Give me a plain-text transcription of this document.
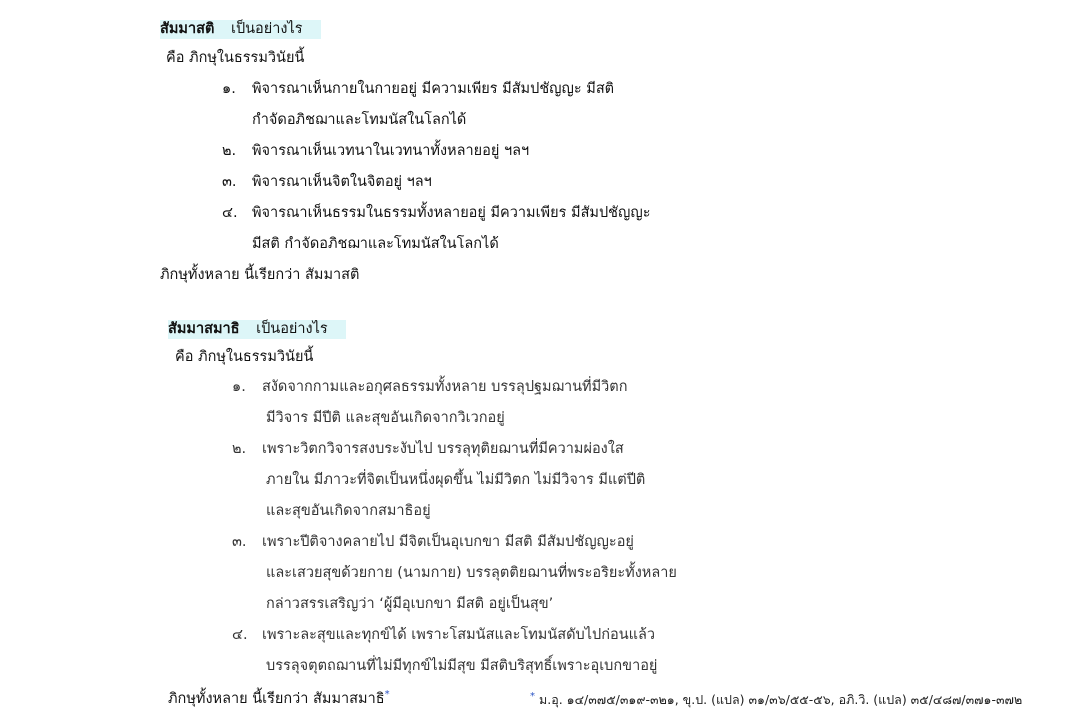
สัมมาสติ เป็นอย่างไร
คือ ภิกษุในธรรมวินัยนี้
๑. พิจารณาเห็นกายในกายอยู่ มีความเพียร มีสัมปชัญญะ มีสติ
กำจัดอภิชฌาและโทมนัสในโลกได้
๒. พิจารณาเห็นเวทนาในเวทนาทั้งหลายอยู่ ฯลฯ
๓. พิจารณาเห็นจิตในจิตอยู่ ฯลฯ
๔. พิจารณาเห็นธรรมในธรรมทั้งหลายอยู่ มีความเพียร มีสัมปชัญญะ
มีสติ กำจัดอภิชฌาและโทมนัสในโลกได้
ภิกษุทั้งหลาย นี้เรียกว่า สัมมาสติ
สัมมาสมาธิ เป็นอย่างไร
คือ ภิกษุในธรรมวินัยนี้
๑. สงัดจากกามและอกุศลธรรมทั้งหลาย บรรลุปฐมฌานที่มีวิตก
มีวิจาร มีปีติ และสุขอันเกิดจากวิเวกอยู่
๒. เพราะวิตกวิจารสงบระงับไป บรรลุทุติยฌานที่มีความผ่องใส
ภายใน มีภาวะที่จิตเป็นหนึ่งผุดขึ้น ไม่มีวิตก ไม่มีวิจาร มีแต่ปีติ
และสุขอันเกิดจากสมาธิอยู่
๓. เพราะปีติจางคลายไป มีจิตเป็นอุเบกขา มีสติ มีสัมปชัญญะอยู่
และเสวยสุขด้วยกาย (นามกาย) บรรลุตติยฌานที่พระอริยะทั้งหลาย
กล่าวสรรเสริญว่า ‘ผู้มีอุเบกขา มีสติ อยู่เป็นสุข’
๔. เพราะละสุขและทุกข์ได้ เพราะโสมนัสและโทมนัสดับไปก่อนแล้ว
บรรลุจตุตถฌานที่ไม่มีทุกข์ไม่มีสุข มีสติบริสุทธิ์เพราะอุเบกขาอยู่
ภิกษุทั้งหลาย นี้เรียกว่า สัมมาสมาธิ*	* ม.อุ. ๑๔/๓๗๕/๓๑๙-๓๒๑, ขุ.ป. (แปล) ๓๑/๓๖/๕๕-๕๖, อภิ.วิ. (แปล) ๓๕/๔๘๗/๓๗๑-๓๗๒
